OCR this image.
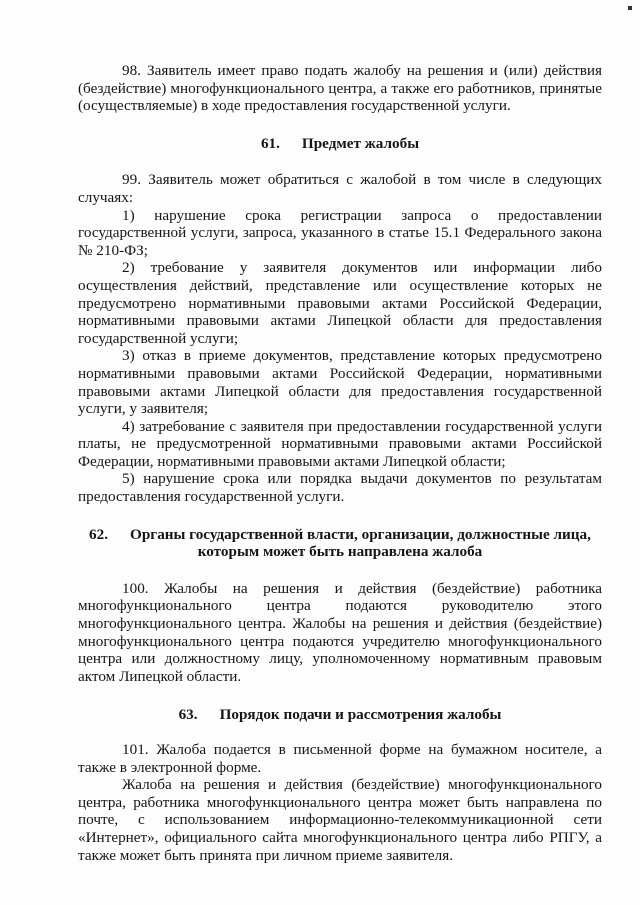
98. Заявитель имеет право подать жалобу на решения и (или) действия (бездействие) многофункционального центра, а также его работников, принятые (осуществляемые) в ходе предоставления государственной услуги.

61. Предмет жалобы

99. Заявитель может обратиться с жалобой в том числе в следующих случаях:

1) нарушение срока регистрации запроса о предоставлении государственной услуги, запроса, указанного в статье 15.1 Федерального закона № 210-ФЗ;

2) требование у заявителя документов или информации либо осуществления действий, представление или осуществление которых не предусмотрено нормативными правовыми актами Российской Федерации, нормативными правовыми актами Липецкой области для предоставления государственной услуги;

3) отказ в приеме документов, представление которых предусмотрено нормативными правовыми актами Российской Федерации, нормативными правовыми актами Липецкой области для предоставления государственной услуги, у заявителя;

4) затребование с заявителя при предоставлении государственной услуги платы, не предусмотренной нормативными правовыми актами Российской Федерации, нормативными правовыми актами Липецкой области;

5) нарушение срока или порядка выдачи документов по результатам предоставления государственной услуги.

62. Органы государственной власти, организации, должностные лица,
которым может быть направлена жалоба

100. Жалобы на решения и действия (бездействие) работника многофункционального центра подаются руководителю этого многофункционального центра. Жалобы на решения и действия (бездействие) многофункционального центра подаются учредителю многофункционального центра или должностному лицу, уполномоченному нормативным правовым актом Липецкой области.

63. Порядок подачи и рассмотрения жалобы

101. Жалоба подается в письменной форме на бумажном носителе, а также в электронной форме.

Жалоба на решения и действия (бездействие) многофункционального центра, работника многофункционального центра может быть направлена по почте, с использованием информационно-телекоммуникационной сети «Интернет», официального сайта многофункционального центра либо РПГУ, а также может быть принята при личном приеме заявителя.
